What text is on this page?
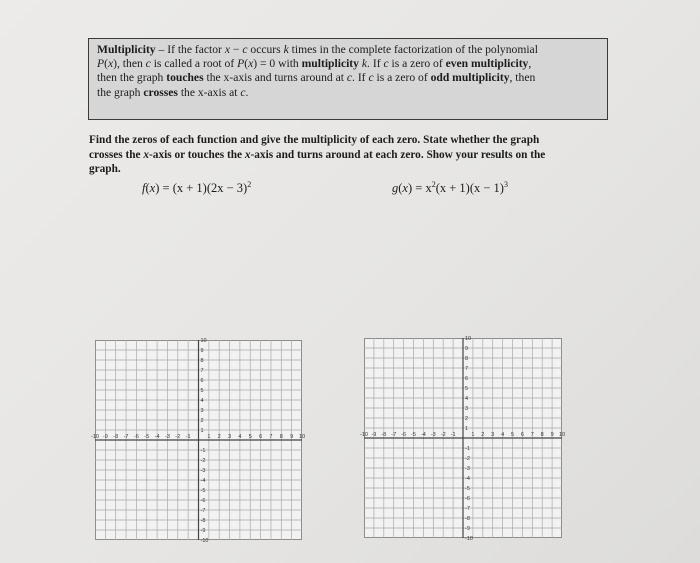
Multiplicity – If the factor x − c occurs k times in the complete factorization of the polynomial

P(x), then c is called a root of P(x) = 0 with multiplicity k. If c is a zero of even multiplicity,

then the graph touches the x-axis and turns around at c. If c is a zero of odd multiplicity, then

the graph crosses the x-axis at c.

Find the zeros of each function and give the multiplicity of each zero. State whether the graph
crosses the x-axis or touches the x-axis and turns around at each zero. Show your results on the
graph.

$f(x) = (x + 1)(2x - 3)^2$	$g(x) = x^2(x + 1)(x - 1)^3$
-10 -9 -8 -7 -6 -5 -4 -3 -2 -1	1 2 3 4 5 6 7 8 9 10
10
9
8
7
6
5
4
3
2
1
-1
-2
-3
-4
-5
-6
-7
-8
-9
-10
-10 -9 -8 -7 -6 -5 -4 -3 -2 -1	1 2 3 4 5 6 7 8 9 10
10
9
8
7
6
5
4
3
2
1
-1
-2
-3
-4
-5
-6
-7
-8
-9
-10
